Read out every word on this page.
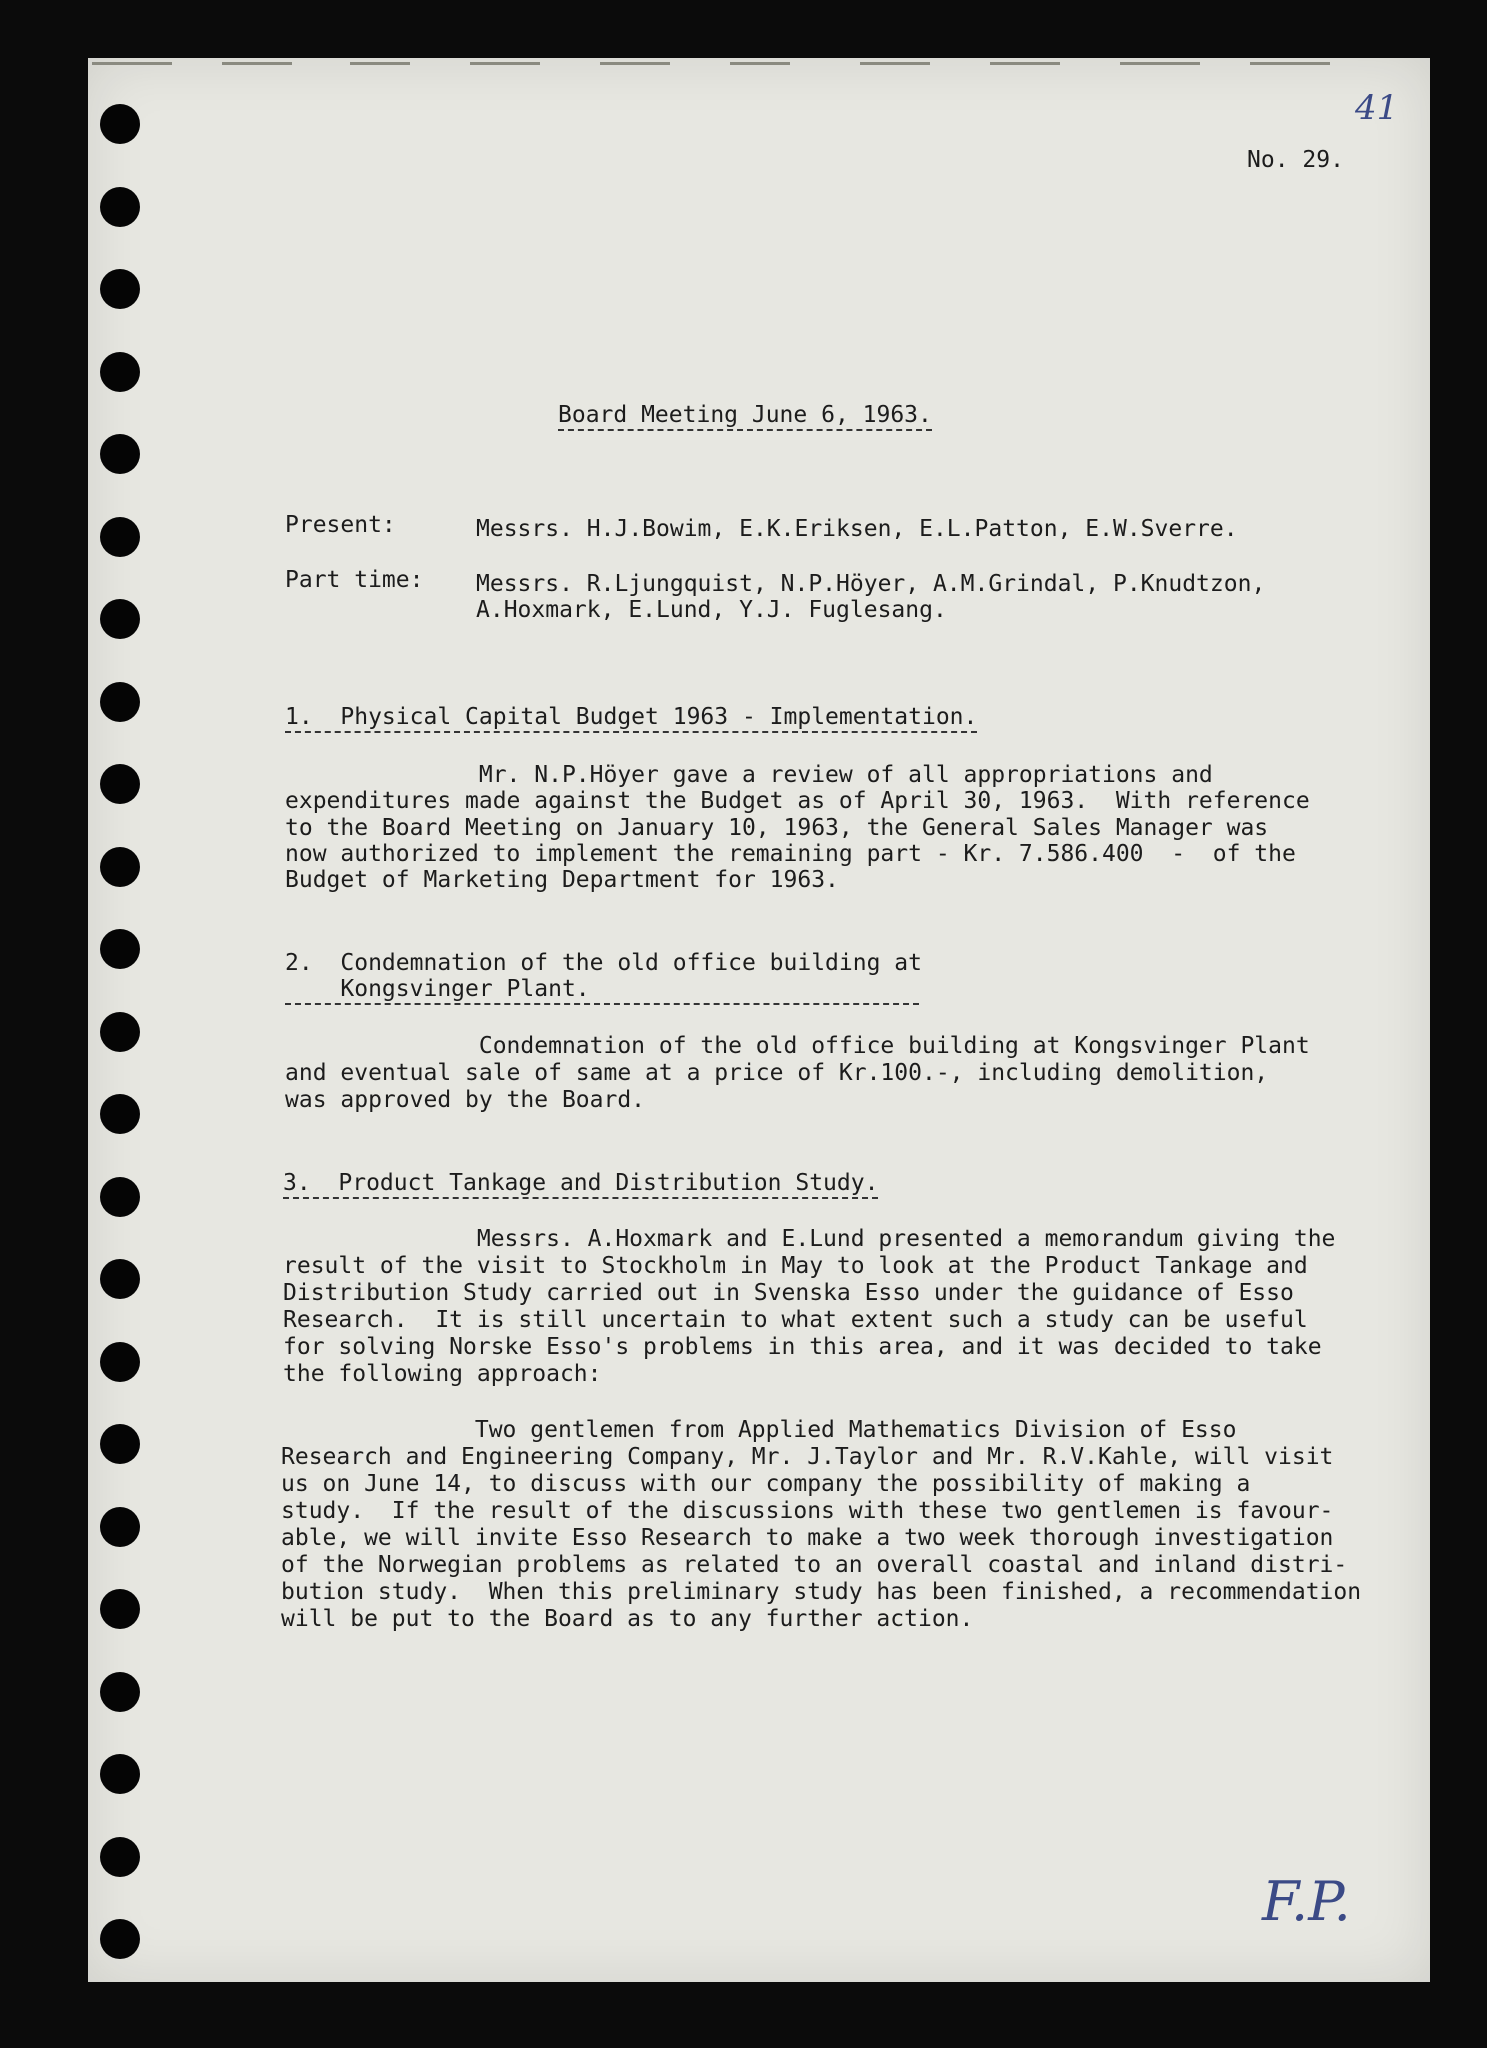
41
No. 29.
Board Meeting June 6, 1963.
Present:	Messrs. H.J.Bowim, E.K.Eriksen, E.L.Patton, E.W.Sverre.
Part time: Messrs. R.Ljungquist, N.P.Höyer, A.M.Grindal, P.Knudtzon,
A.Hoxmark, E.Lund, Y.J. Fuglesang.
1.  Physical Capital Budget 1963 - Implementation.
Mr. N.P.Höyer gave a review of all appropriations and
expenditures made against the Budget as of April 30, 1963.  With reference
to the Board Meeting on January 10, 1963, the General Sales Manager was
now authorized to implement the remaining part - Kr. 7.586.400  -  of the
Budget of Marketing Department for 1963.
2.  Condemnation of the old office building at
Kongsvinger Plant.
Condemnation of the old office building at Kongsvinger Plant
and eventual sale of same at a price of Kr.100.-, including demolition,
was approved by the Board.
3.  Product Tankage and Distribution Study.
Messrs. A.Hoxmark and E.Lund presented a memorandum giving the
result of the visit to Stockholm in May to look at the Product Tankage and
Distribution Study carried out in Svenska Esso under the guidance of Esso
Research.  It is still uncertain to what extent such a study can be useful
for solving Norske Esso's problems in this area, and it was decided to take
the following approach:
Two gentlemen from Applied Mathematics Division of Esso
Research and Engineering Company, Mr. J.Taylor and Mr. R.V.Kahle, will visit
us on June 14, to discuss with our company the possibility of making a
study.  If the result of the discussions with these two gentlemen is favour-
able, we will invite Esso Research to make a two week thorough investigation
of the Norwegian problems as related to an overall coastal and inland distri-
bution study.  When this preliminary study has been finished, a recommendation
will be put to the Board as to any further action.
F.P.
